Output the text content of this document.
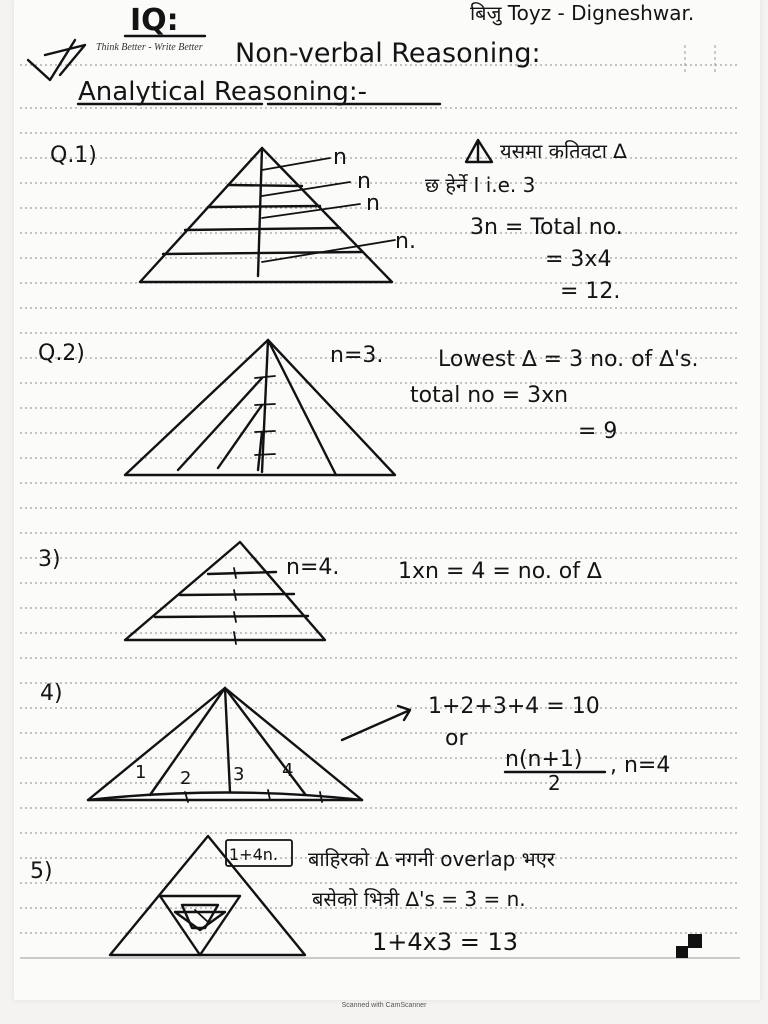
IQ:	बिजु Toyz - Digneshwar.
Non-verbal Reasoning:
Analytical Reasoning:-
Q.1)	n
n
n
n.
यसमा कतिवटा ∆
छ हेर्ने I i.e. 3
3n = Total no.
= 3x4
= 12.
Q.2)	n=3. Lowest ∆ = 3 no. of ∆'s.
total no = 3xn
= 9
3)	n=4.	1xn = 4 = no. of ∆
4)
1 2 3 4
1+2+3+4 = 10
or
n(n+1)
2
, n=4
5)
1+4n. बाहिरको ∆ नगनी overlap भएर
बसेको भित्री ∆'s = 3 = n.
1+4x3 = 13
Think Better - Write Better
Scanned with CamScanner
